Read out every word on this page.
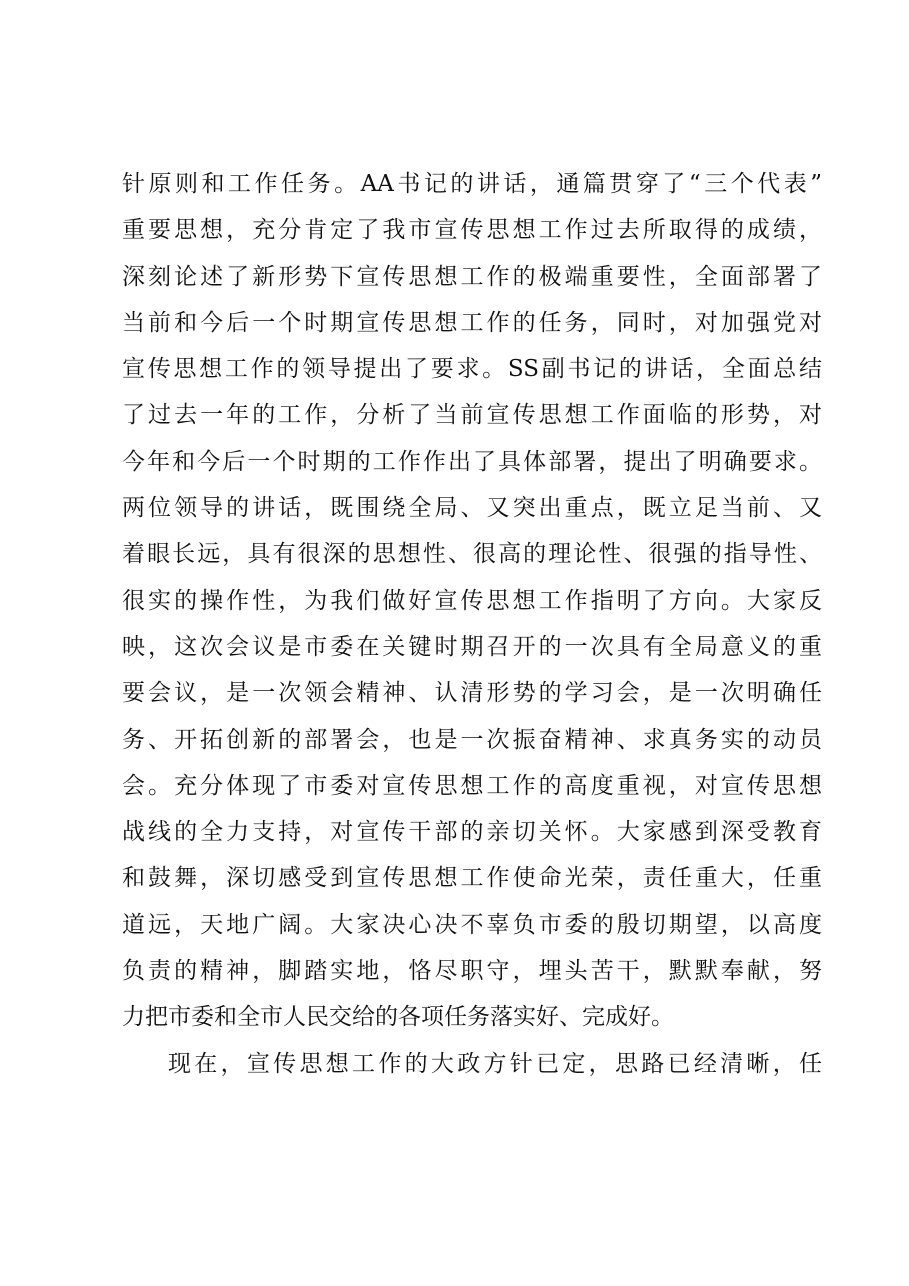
针原则和工作任务。AA书记的讲话，通篇贯穿了“三个代表”
重要思想，充分肯定了我市宣传思想工作过去所取得的成绩，
深刻论述了新形势下宣传思想工作的极端重要性，全面部署了
当前和今后一个时期宣传思想工作的任务，同时，对加强党对
宣传思想工作的领导提出了要求。SS副书记的讲话，全面总结
了过去一年的工作，分析了当前宣传思想工作面临的形势，对
今年和今后一个时期的工作作出了具体部署，提出了明确要求。
两位领导的讲话，既围绕全局、又突出重点，既立足当前、又
着眼长远，具有很深的思想性、很高的理论性、很强的指导性、
很实的操作性，为我们做好宣传思想工作指明了方向。大家反
映，这次会议是市委在关键时期召开的一次具有全局意义的重
要会议，是一次领会精神、认清形势的学习会，是一次明确任
务、开拓创新的部署会，也是一次振奋精神、求真务实的动员
会。充分体现了市委对宣传思想工作的高度重视，对宣传思想
战线的全力支持，对宣传干部的亲切关怀。大家感到深受教育
和鼓舞，深切感受到宣传思想工作使命光荣，责任重大，任重
道远，天地广阔。大家决心决不辜负市委的殷切期望，以高度
负责的精神，脚踏实地，恪尽职守，埋头苦干，默默奉献，努
力把市委和全市人民交给的各项任务落实好、完成好。
现在，宣传思想工作的大政方针已定，思路已经清晰，任
